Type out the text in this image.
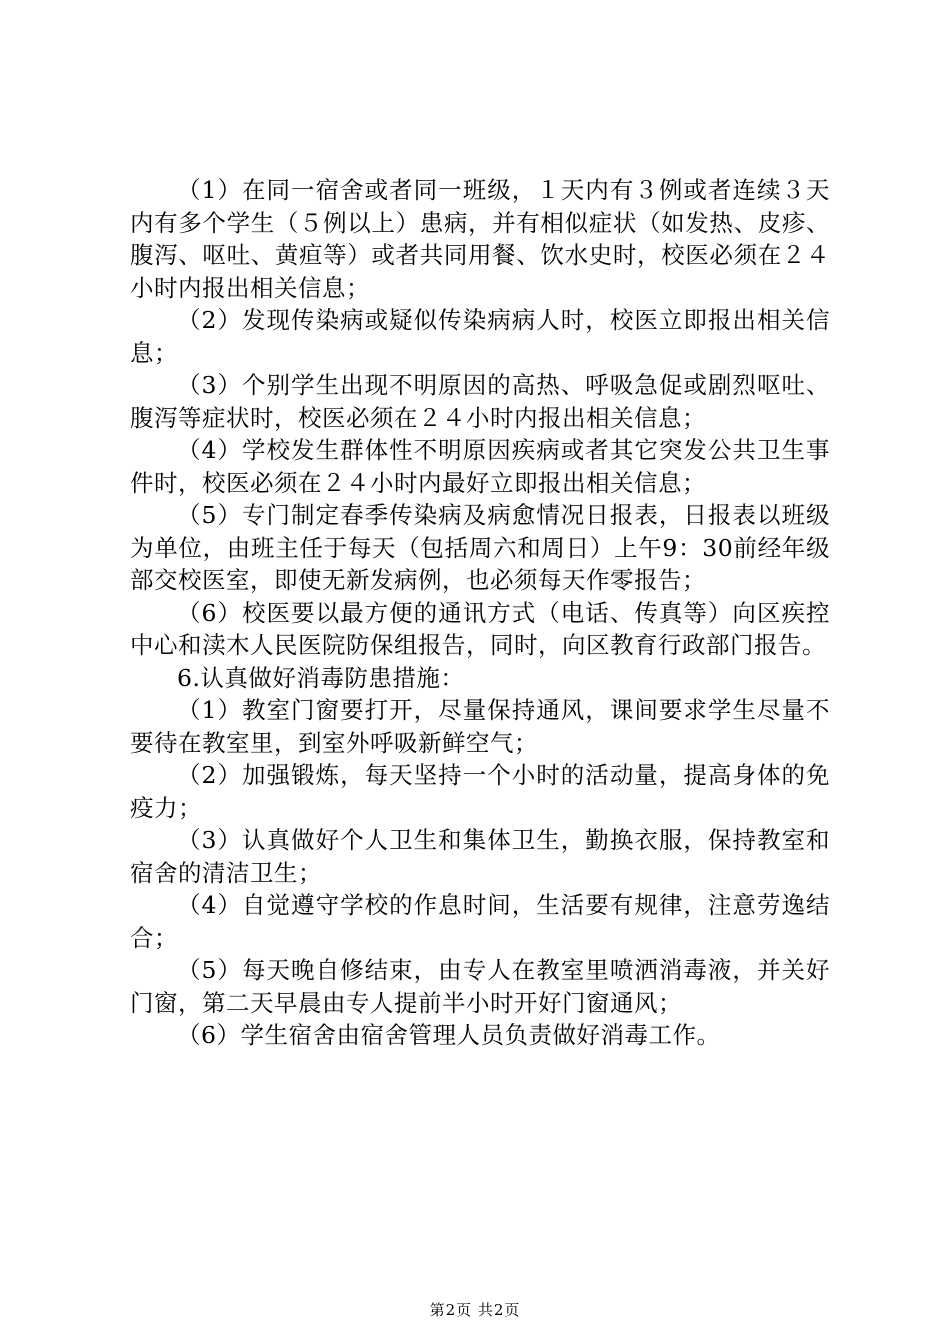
（1）在同一宿舍或者同一班级，１天内有３例或者连续３天内有多个学生（５例以上）患病，并有相似症状（如发热、皮疹、腹泻、呕吐、黄疸等）或者共同用餐、饮水史时，校医必须在２４小时内报出相关信息；

（2）发现传染病或疑似传染病病人时，校医立即报出相关信息；

（3）个别学生出现不明原因的高热、呼吸急促或剧烈呕吐、腹泻等症状时，校医必须在２４小时内报出相关信息；

（4）学校发生群体性不明原因疾病或者其它突发公共卫生事件时，校医必须在２４小时内最好立即报出相关信息；

（5）专门制定春季传染病及病愈情况日报表，日报表以班级为单位，由班主任于每天（包括周六和周日）上午9：30前经年级部交校医室，即使无新发病例，也必须每天作零报告；

（6）校医要以最方便的通讯方式（电话、传真等）向区疾控中心和渎木人民医院防保组报告，同时，向区教育行政部门报告。

6.认真做好消毒防患措施：

（1）教室门窗要打开，尽量保持通风，课间要求学生尽量不要待在教室里，到室外呼吸新鲜空气；

（2）加强锻炼，每天坚持一个小时的活动量，提高身体的免疫力；

（3）认真做好个人卫生和集体卫生，勤换衣服，保持教室和宿舍的清洁卫生；

（4）自觉遵守学校的作息时间，生活要有规律，注意劳逸结合；

（5）每天晚自修结束，由专人在教室里喷洒消毒液，并关好门窗，第二天早晨由专人提前半小时开好门窗通风；

（6）学生宿舍由宿舍管理人员负责做好消毒工作。

第2页 共2页
